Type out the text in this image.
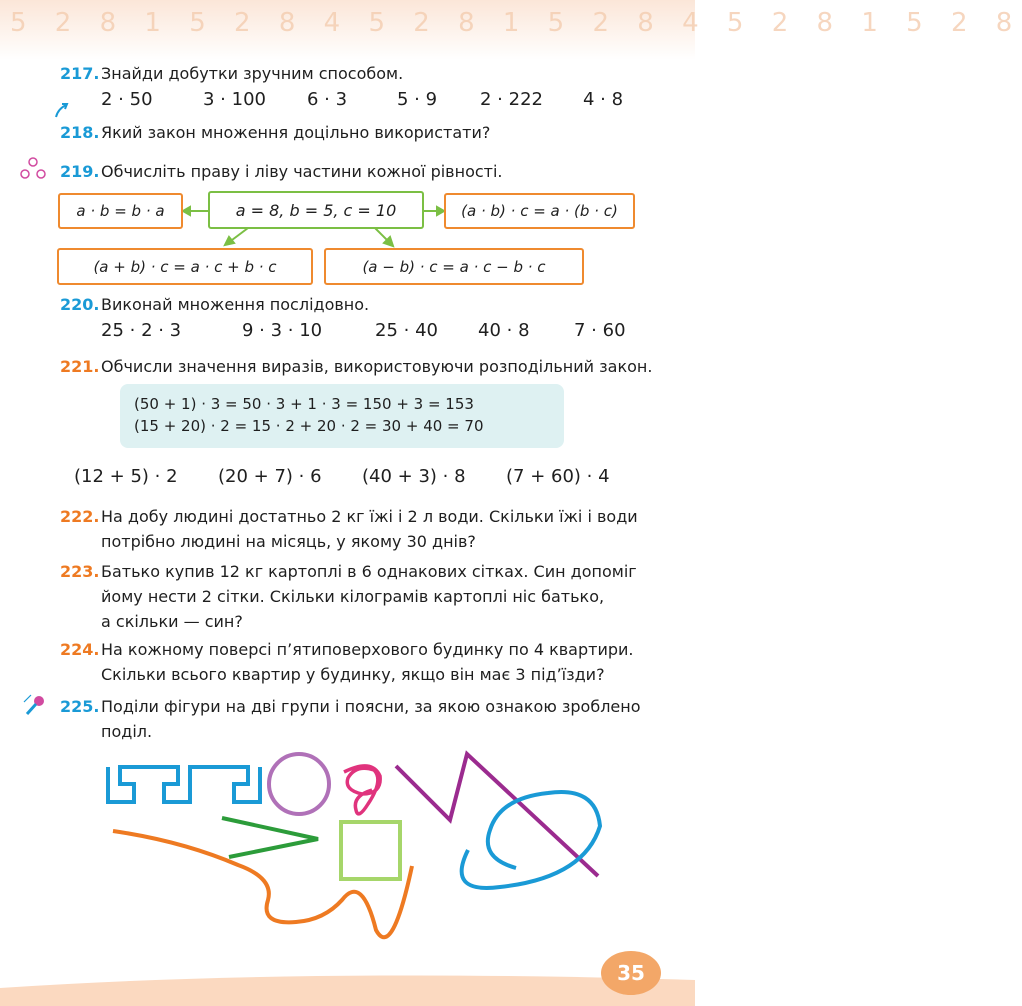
5 2 8 1 5 2 8 4 5 2 8 1 5 2 8 4 5 2 8 1 5 2 8
217. Знайди добутки зручним способом.
2 · 50	3 · 100 6 · 3	5 · 9 2 · 222 4 · 8
218. Який закон множення доцільно використати?
219. Обчисліть праву і ліву частини кожної рівності.
a · b = b · a	a = 8, b = 5, c = 10	(a · b) · c = a · (b · c)
(a + b) · c = a · c + b · c	(a − b) · c = a · c − b · c
220. Виконай множення послідовно.
25 · 2 · 3	9 · 3 · 10	25 · 40 40 · 8 7 · 60
221. Обчисли значення виразів, використовуючи розподільний закон.
(50 + 1) · 3 = 50 · 3 + 1 · 3 = 150 + 3 = 153
(15 + 20) · 2 = 15 · 2 + 20 · 2 = 30 + 40 = 70
(12 + 5) · 2 (20 + 7) · 6 (40 + 3) · 8 (7 + 60) · 4
222. На добу людині достатньо 2 кг їжі і 2 л води. Скільки їжі і води
потрібно людині на місяць, у якому 30 днів?
223. Батько купив 12 кг картоплі в 6 однакових сітках. Син допоміг
йому нести 2 сітки. Скільки кілограмів картоплі ніс батько,
а скільки — син?
224. На кожному поверсі п’ятиповерхового будинку по 4 квартири.
Скільки всього квартир у будинку, якщо він має 3 під’їзди?
225. Поділи фігури на дві групи і поясни, за якою ознакою зроблено
поділ.
35
